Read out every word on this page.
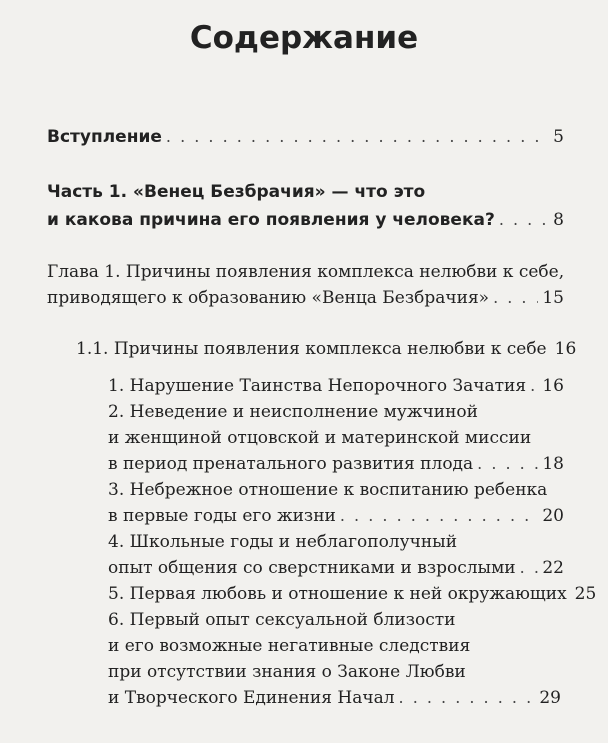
Содержание
Вступление . . .	5
Часть 1. «Венец Безбрачия» — что это
и какова причина его появления у человека? . . .	8
Глава 1. Причины появления комплекса нелюбви к себе,
приводящего к образованию «Венца Безбрачия» . . .	15
1.1. Причины появления комплекса нелюбви к себе 16
1. Нарушение Таинства Непорочного Зачатия . . . 16
2. Неведение и неисполнение мужчиной
и женщиной отцовской и материнской миссии
в период пренатального развития плода . . .	18
3. Небрежное отношение к воспитанию ребенка
в первые годы его жизни . . .	20
4. Школьные годы и неблагополучный
опыт общения со сверстниками и взрослыми . . . 22
5. Первая любовь и отношение к ней окружающих 25
6. Первый опыт сексуальной близости
и его возможные негативные следствия
при отсутствии знания о Законе Любви
и Творческого Единения Начал . . .	29
